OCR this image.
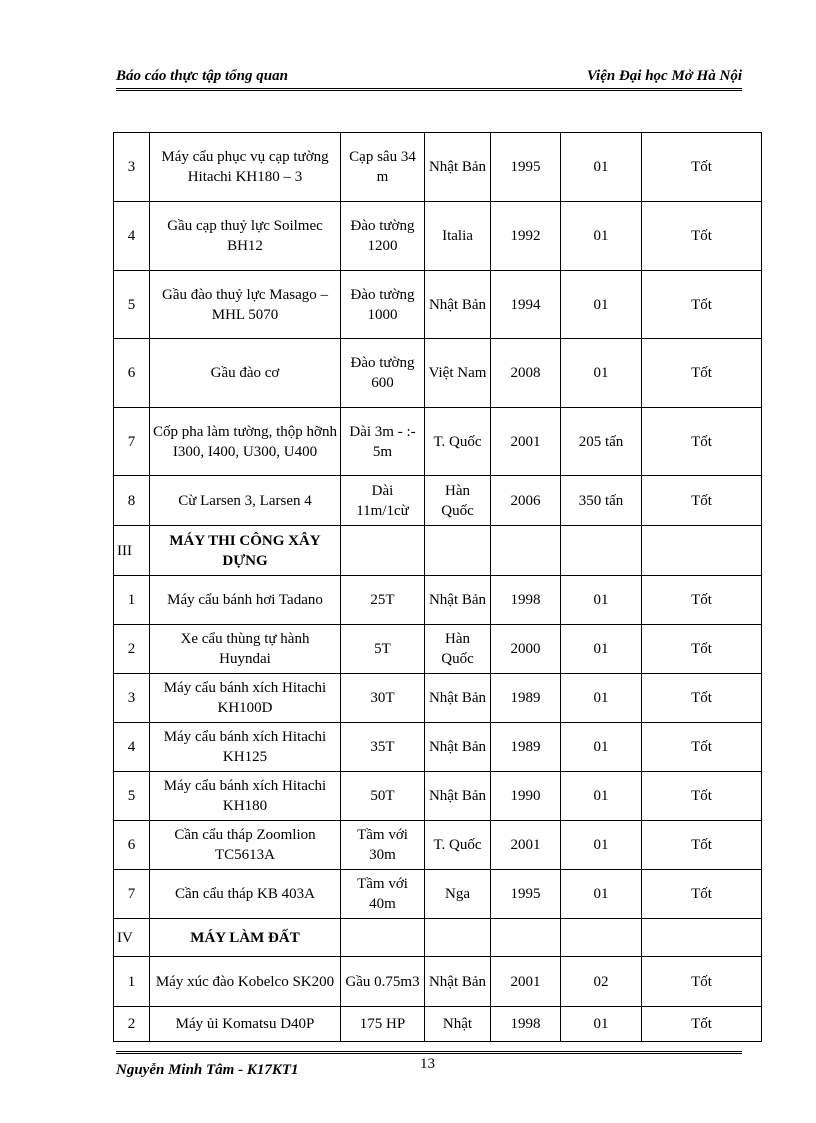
Báo cáo thực tập tổng quan	Viện Đại học Mở Hà Nội
3	Máy cẩu phục vụ cạp tường Hitachi KH180 – 3	Cạp sâu 34 m	Nhật Bản	1995	01	Tốt
4	Gầu cạp thuỷ lực Soilmec BH12	Đào tường 1200	Italia	1992	01	Tốt
5	Gầu đào thuỷ lực Masago – MHL 5070	Đào tường 1000	Nhật Bản	1994	01	Tốt
6	Gầu đào cơ	Đào tường 600	Việt Nam	2008	01	Tốt
7	Cốp pha làm tường, thộp hỡnh I300, I400, U300, U400	Dài 3m - :- 5m	T. Quốc	2001	205 tấn	Tốt
8	Cừ Larsen 3, Larsen 4	Dài 11m/1cừ	Hàn Quốc	2006	350 tấn	Tốt
III	MÁY THI CÔNG XÂY DỰNG					
1	Máy cẩu bánh hơi Tadano	25T	Nhật Bản	1998	01	Tốt
2	Xe cẩu thùng tự hành Huyndai	5T	Hàn Quốc	2000	01	Tốt
3	Máy cẩu bánh xích Hitachi KH100D	30T	Nhật Bản	1989	01	Tốt
4	Máy cẩu bánh xích Hitachi KH125	35T	Nhật Bản	1989	01	Tốt
5	Máy cẩu bánh xích Hitachi KH180	50T	Nhật Bản	1990	01	Tốt
6	Cần cẩu tháp Zoomlion TC5613A	Tầm với 30m	T. Quốc	2001	01	Tốt
7	Cần cẩu tháp KB 403A	Tầm với 40m	Nga	1995	01	Tốt
IV	MÁY LÀM ĐẤT					
1	Máy xúc đào Kobelco SK200	Gầu 0.75m3	Nhật Bản	2001	02	Tốt
2	Máy ủi Komatsu D40P	175 HP	Nhật	1998	01	Tốt
Nguyễn Minh Tâm - K17KT1	13
